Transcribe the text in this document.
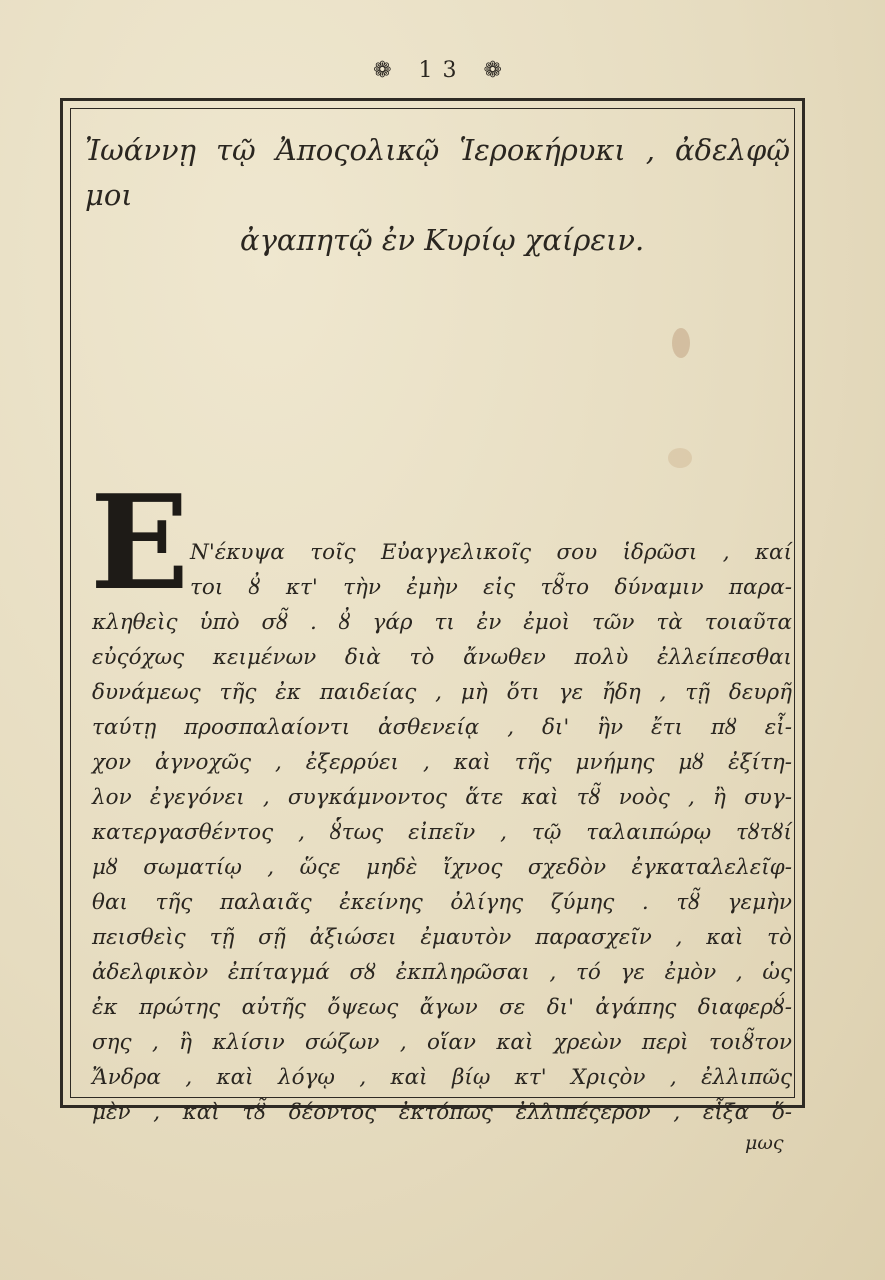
❁ 13 ❁
Ἰωάννῃ τῷ Ἀποςολικῷ Ἱεροκήρυκι , ἀδελφῷ μοι
ἀγαπητῷ ἐν Κυρίῳ χαίρειν.
E Ν'έκυψα τοῖς Εὐαγγελικοῖς σου ἱδρῶσι , καί
τοι ȣ̓ κτ' τὴν ἐμὴν εἰς τȣ̃το δύναμιν παρα-
κληθεὶς ὑπὸ σȣ̃ . ȣ̓ γάρ τι ἐν ἐμοὶ τῶν τὰ τοιαῦτα
εὐςόχως κειμένων διὰ τὸ ἄνωθεν πολὺ ἐλλείπεσθαι
δυνάμεως τῆς ἐκ παιδείας , μὴ ὅτι γε ἤδη , τῇ δευρῆ
ταύτῃ προσπαλαίοντι ἀσθενείᾳ , δι' ἣν ἔτι πȣ εἶ-
χον ἀγνοχῶς , ἐξερρύει , καὶ τῆς μνήμης μȣ ἐξίτη-
λον ἐγεγόνει , συγκάμνοντος ἅτε καὶ τȣ̃ νοὸς , ἢ συγ-
κατεργασθέντος , ȣ̔́τως εἰπεῖν , τῷ ταλαιπώρῳ τȣτȣί
μȣ σωματίῳ , ὥςε μηδὲ ἴχνος σχεδὸν ἐγκαταλελεῖφ-
θαι τῆς παλαιᾶς ἐκείνης ὀλίγης ζύμης . τȣ̃ γεμὴν
πεισθεὶς τῇ σῇ ἀξιώσει ἐμαυτὸν παρασχεῖν , καὶ τὸ
ἀδελφικὸν ἐπίταγμά σȣ ἐκπληρῶσαι , τό γε ἐμὸν , ὡς
ἐκ πρώτης αὐτῆς ὄψεως ἄγων σε δι' ἀγάπης διαφερȣ́-
σης , ἢ κλίσιν σώζων , οἵαν καὶ χρεὼν περὶ τοιȣ̃τον
Ἄνδρα , καὶ λόγῳ , καὶ βίῳ κτ' Χριςὸν , ἐλλιπῶς
μὲν , καὶ τȣ̃ δέοντος ἐκτόπως ἐλλιπέςερον , εἶξα ὅ-
μως
